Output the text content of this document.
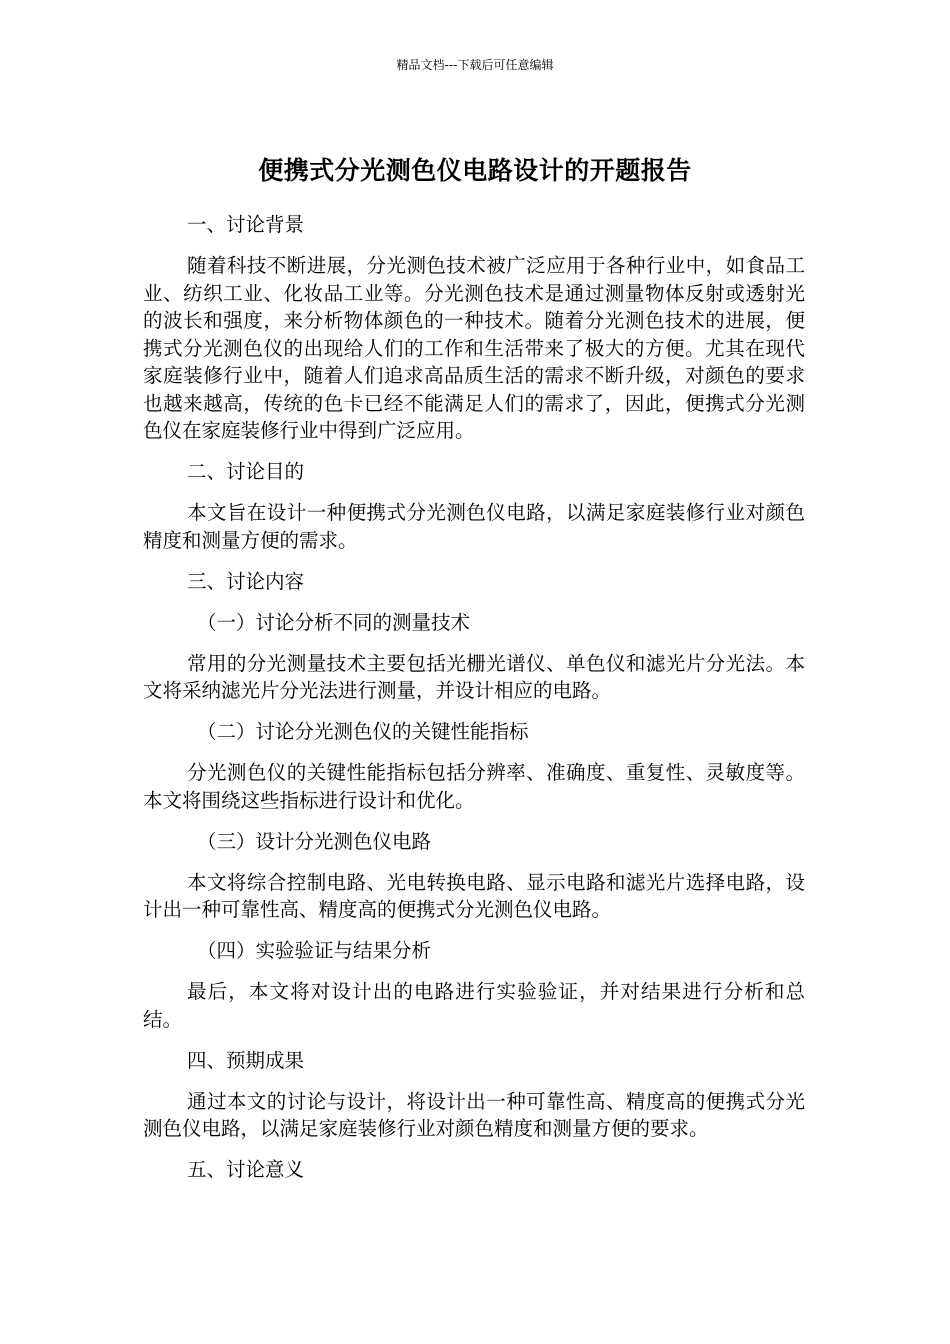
精品文档---下载后可任意编辑
便携式分光测色仪电路设计的开题报告

一、讨论背景

随着科技不断进展，分光测色技术被广泛应用于各种行业中，如食品工业、纺织工业、化妆品工业等。分光测色技术是通过测量物体反射或透射光的波长和强度，来分析物体颜色的一种技术。随着分光测色技术的进展，便携式分光测色仪的出现给人们的工作和生活带来了极大的方便。尤其在现代家庭装修行业中，随着人们追求高品质生活的需求不断升级，对颜色的要求也越来越高，传统的色卡已经不能满足人们的需求了，因此，便携式分光测色仪在家庭装修行业中得到广泛应用。

二、讨论目的

本文旨在设计一种便携式分光测色仪电路，以满足家庭装修行业对颜色精度和测量方便的需求。

三、讨论内容

（一）讨论分析不同的测量技术

常用的分光测量技术主要包括光栅光谱仪、单色仪和滤光片分光法。本文将采纳滤光片分光法进行测量，并设计相应的电路。

（二）讨论分光测色仪的关键性能指标

分光测色仪的关键性能指标包括分辨率、准确度、重复性、灵敏度等。本文将围绕这些指标进行设计和优化。

（三）设计分光测色仪电路

本文将综合控制电路、光电转换电路、显示电路和滤光片选择电路，设计出一种可靠性高、精度高的便携式分光测色仪电路。

（四）实验验证与结果分析

最后，本文将对设计出的电路进行实验验证，并对结果进行分析和总结。

四、预期成果

通过本文的讨论与设计，将设计出一种可靠性高、精度高的便携式分光测色仪电路，以满足家庭装修行业对颜色精度和测量方便的要求。

五、讨论意义
